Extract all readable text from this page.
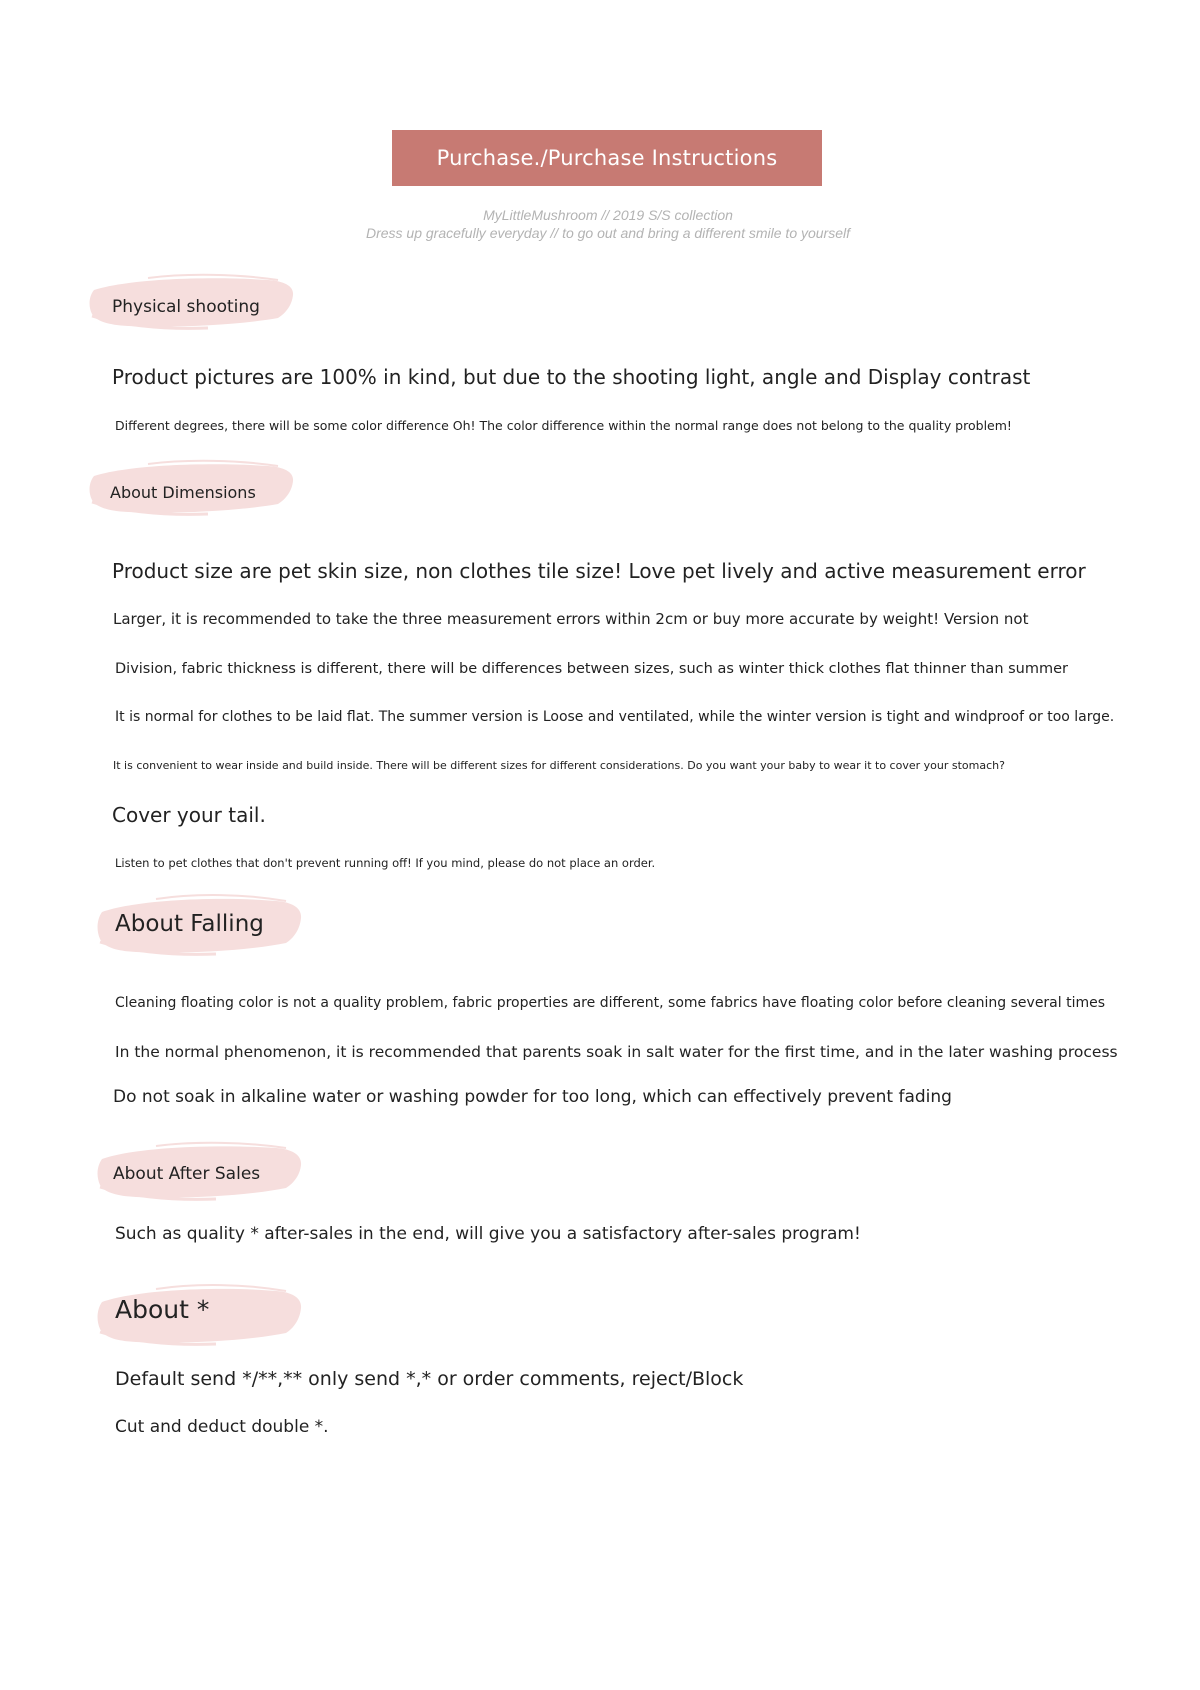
Purchase./Purchase Instructions
MyLittleMushroom // 2019 S/S collection
Dress up gracefully everyday // to go out and bring a different smile to yourself
Physical shooting
Product pictures are 100% in kind, but due to the shooting light, angle and Display contrast
Different degrees, there will be some color difference Oh! The color difference within the normal range does not belong to the quality problem!
About Dimensions
Product size are pet skin size, non clothes tile size! Love pet lively and active measurement error
Larger, it is recommended to take the three measurement errors within 2cm or buy more accurate by weight! Version not
Division, fabric thickness is different, there will be differences between sizes, such as winter thick clothes flat thinner than summer
It is normal for clothes to be laid flat. The summer version is Loose and ventilated, while the winter version is tight and windproof or too large.
It is convenient to wear inside and build inside. There will be different sizes for different considerations. Do you want your baby to wear it to cover your stomach?
Cover your tail.
Listen to pet clothes that don't prevent running off! If you mind, please do not place an order.
About Falling
Cleaning floating color is not a quality problem, fabric properties are different, some fabrics have floating color before cleaning several times
In the normal phenomenon, it is recommended that parents soak in salt water for the first time, and in the later washing process
Do not soak in alkaline water or washing powder for too long, which can effectively prevent fading
About After Sales
Such as quality * after-sales in the end, will give you a satisfactory after-sales program!
About *
Default send */**,** only send *,* or order comments, reject/Block
Cut and deduct double *.
